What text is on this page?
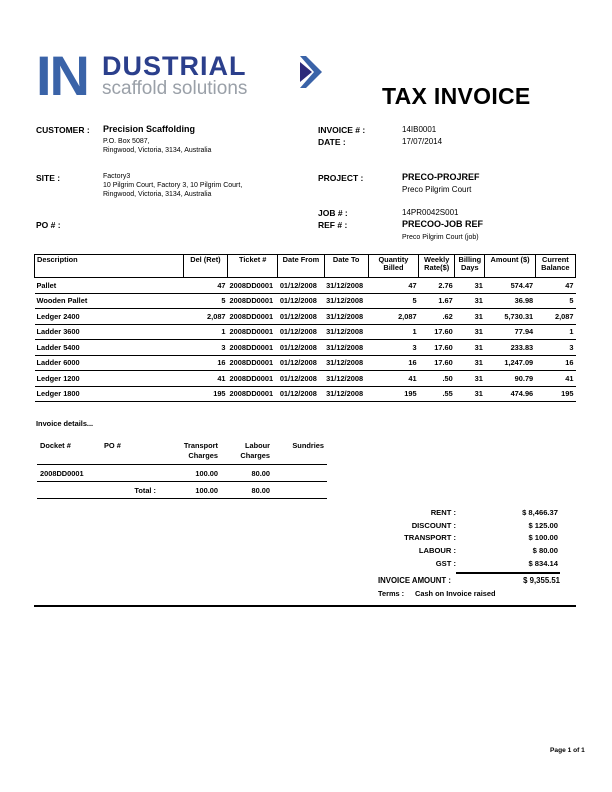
IN DUSTRIAL
scaffold solutions	TAX INVOICE
CUSTOMER : Precision Scaffolding
P.O. Box 5087,
Ringwood, Victoria, 3134, Australia
SITE :	Factory3
10 Pilgrim Court, Factory 3, 10 Pilgrim Court,
Ringwood, Victoria, 3134, Australia
PO # :
INVOICE # :	14IB0001
DATE :	17/07/2014
PROJECT :	PRECO-PROJREF
Preco Pilgrim Court
JOB # :	14PR0042S001
REF # :	PRECOO-JOB REF
Preco Pilgrim Court (job)
Description	Del (Ret)	Ticket #	Date From	Date To	Quantity Billed	Weekly Rate($)	Billing Days	Amount ($)	Current Balance
Pallet	47	2008DD0001	01/12/2008	31/12/2008	47	2.76	31	574.47	47
Wooden Pallet	5	2008DD0001	01/12/2008	31/12/2008	5	1.67	31	36.98	5
Ledger 2400	2,087	2008DD0001	01/12/2008	31/12/2008	2,087	.62	31	5,730.31	2,087
Ladder 3600	1	2008DD0001	01/12/2008	31/12/2008	1	17.60	31	77.94	1
Ladder 5400	3	2008DD0001	01/12/2008	31/12/2008	3	17.60	31	233.83	3
Ladder 6000	16	2008DD0001	01/12/2008	31/12/2008	16	17.60	31	1,247.09	16
Ledger 1200	41	2008DD0001	01/12/2008	31/12/2008	41	.50	31	90.79	41
Ledger 1800	195	2008DD0001	01/12/2008	31/12/2008	195	.55	31	474.96	195
Invoice details...
Docket #	PO #	Transport Charges	Labour Charges	Sundries
2008DD0001		100.00	80.00	
	Total :	100.00	80.00	
RENT :	$ 8,466.37
DISCOUNT :	$ 125.00
TRANSPORT :	$ 100.00
LABOUR :	$ 80.00
GST :	$ 834.14
INVOICE AMOUNT :	$ 9,355.51
Terms : Cash on Invoice raised
Page 1 of 1
